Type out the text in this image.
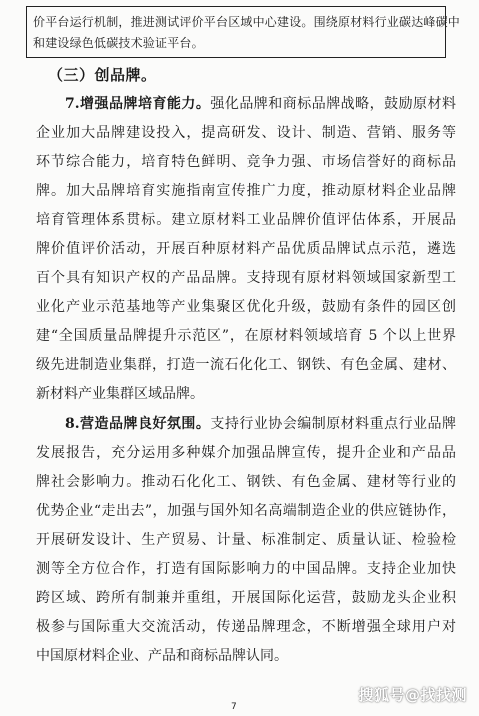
价平台运行机制，推进测试评价平台区域中心建设。围绕原材料行业碳达峰碳中
和建设绿色低碳技术验证平台。
（三）创品牌。
　　7.增强品牌培育能力。强化品牌和商标品牌战略，鼓励原材料
企业加大品牌建设投入，提高研发、设计、制造、营销、服务等
环节综合能力，培育特色鲜明、竞争力强、市场信誉好的商标品
牌。加大品牌培育实施指南宣传推广力度，推动原材料企业品牌
培育管理体系贯标。建立原材料工业品牌价值评估体系，开展品
牌价值评价活动，开展百种原材料产品优质品牌试点示范，遴选
百个具有知识产权的产品品牌。支持现有原材料领域国家新型工
业化产业示范基地等产业集聚区优化升级，鼓励有条件的园区创
建“全国质量品牌提升示范区”，在原材料领域培育 5 个以上世界
级先进制造业集群，打造一流石化化工、钢铁、有色金属、建材、
新材料产业集群区域品牌。
　　8.营造品牌良好氛围。支持行业协会编制原材料重点行业品牌
发展报告，充分运用多种媒介加强品牌宣传，提升企业和产品品
牌社会影响力。推动石化化工、钢铁、有色金属、建材等行业的
优势企业“走出去”，加强与国外知名高端制造企业的供应链协作，
开展研发设计、生产贸易、计量、标准制定、质量认证、检验检
测等全方位合作，打造有国际影响力的中国品牌。支持企业加快
跨区域、跨所有制兼并重组，开展国际化运营，鼓励龙头企业积
极参与国际重大交流活动，传递品牌理念，不断增强全球用户对
中国原材料企业、产品和商标品牌认同。
7
搜狐号@找找测
